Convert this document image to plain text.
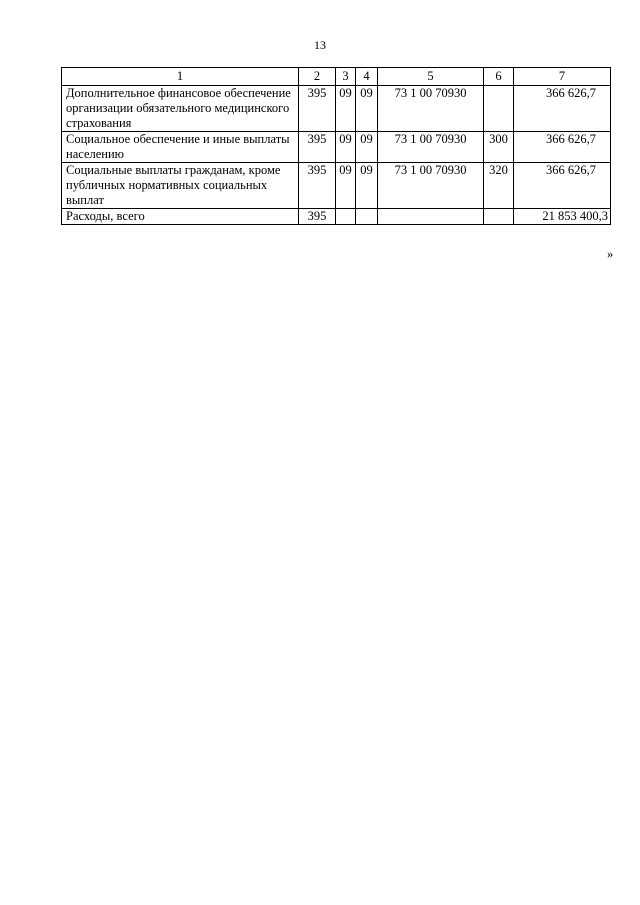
13
1	2	3	4	5	6	7
Дополнительное финансовое обеспечение организации обязательного медицинского страхования	395	09	09	73 1 00 70930		366 626,7
Социальное обеспечение и иные выплаты населению	395	09	09	73 1 00 70930	300	366 626,7
Социальные выплаты гражданам, кроме публичных нормативных социальных выплат	395	09	09	73 1 00 70930	320	366 626,7
Расходы, всего	395					21 853 400,3
»
